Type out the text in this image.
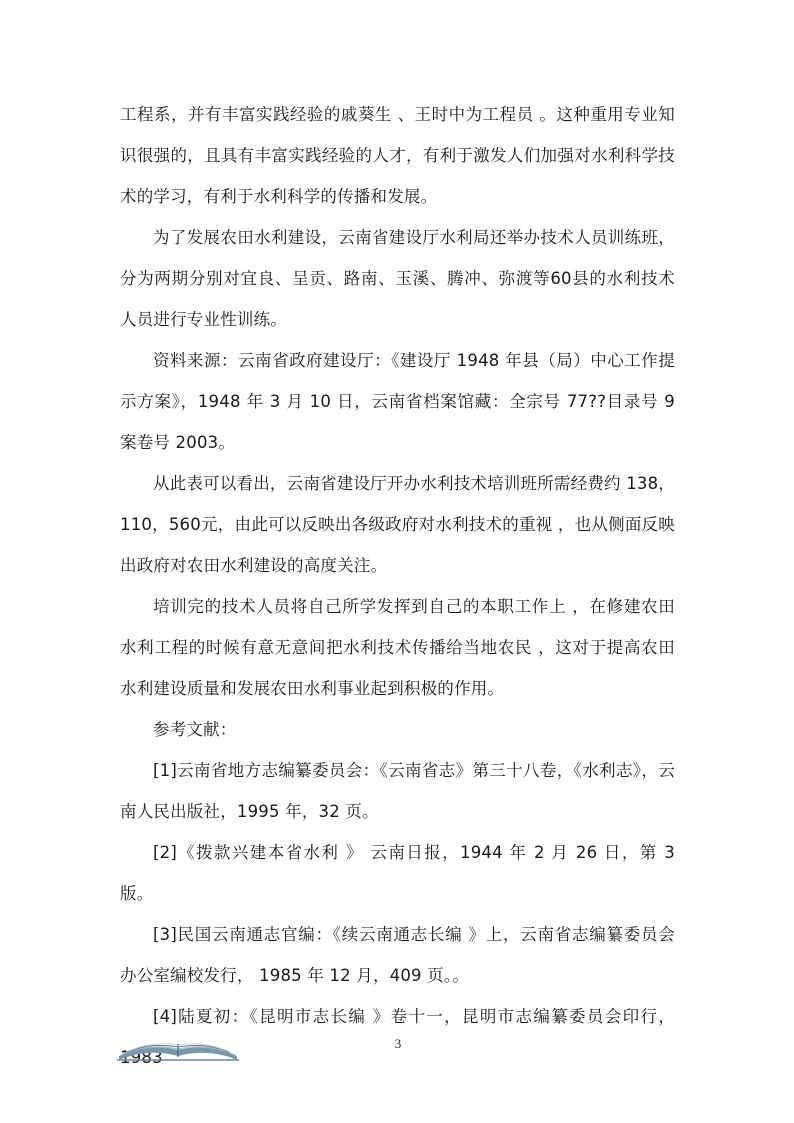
工程系，并有丰富实践经验的戚葵生 、王时中为工程员 。这种重用专业知识很强的，且具有丰富实践经验的人才，有利于激发人们加强对水利科学技术的学习，有利于水利科学的传播和发展。

为了发展农田水利建设，云南省建设厅水利局还举办技术人员训练班，分为两期分别对宜良、呈贡、路南、玉溪、腾冲、弥渡等60县的水利技术人员进行专业性训练。

资料来源：云南省政府建设厅：《建设厅 1948 年县（局）中心工作提示方案》，1948 年 3 月 10 日，云南省档案馆藏：全宗号 77??目录号 9 案卷号 2003。

从此表可以看出，云南省建设厅开办水利技术培训班所需经费约 138，110，560元，由此可以反映出各级政府对水利技术的重视 ，也从侧面反映出政府对农田水利建设的高度关注。

培训完的技术人员将自己所学发挥到自己的本职工作上 ，在修建农田水利工程的时候有意无意间把水利技术传播给当地农民 ，这对于提高农田水利建设质量和发展农田水利事业起到积极的作用。

参考文献：

[1]云南省地方志编纂委员会：《云南省志》第三十八卷，《水利志》，云南人民出版社，1995 年，32 页。

[2]《拨款兴建本省水利 》 云南日报，1944 年 2 月 26 日，第 3 版。

[3]民国云南通志官编：《续云南通志长编 》上，云南省志编纂委员会办公室编校发行， 1985 年 12 月，409 页。。

[4]陆夏初：《昆明市志长编 》卷十一，昆明市志编纂委员会印行，1983

3
